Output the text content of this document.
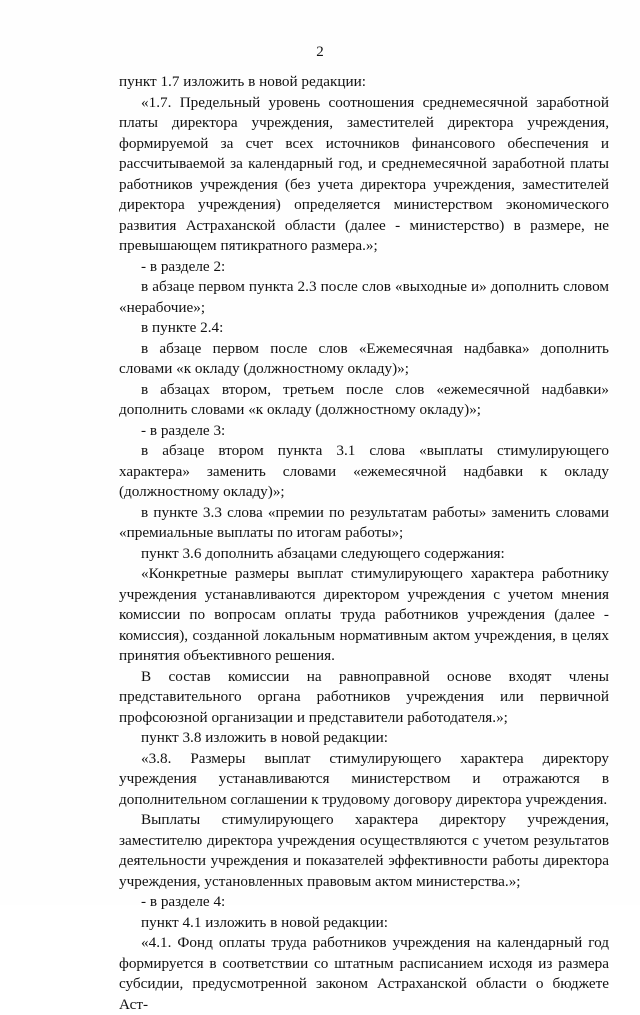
2

пункт 1.7 изложить в новой редакции:

«1.7. Предельный уровень соотношения среднемесячной заработной платы директора учреждения, заместителей директора учреждения, формируемой за счет всех источников финансового обеспечения и рассчитываемой за календарный год, и среднемесячной заработной платы работников учреждения (без учета директора учреждения, заместителей директора учреждения) определяется министерством экономического развития Астраханской области (далее - министерство) в размере, не превышающем пятикратного размера.»;

- в разделе 2:

в абзаце первом пункта 2.3 после слов «выходные и» дополнить словом «нерабочие»;

в пункте 2.4:

в абзаце первом после слов «Ежемесячная надбавка» дополнить словами «к окладу (должностному окладу)»;

в абзацах втором, третьем после слов «ежемесячной надбавки» дополнить словами «к окладу (должностному окладу)»;

- в разделе 3:

в абзаце втором пункта 3.1 слова «выплаты стимулирующего характера» заменить словами «ежемесячной надбавки к окладу (должностному окладу)»;

в пункте 3.3 слова «премии по результатам работы» заменить словами «премиальные выплаты по итогам работы»;

пункт 3.6 дополнить абзацами следующего содержания:

«Конкретные размеры выплат стимулирующего характера работнику учреждения устанавливаются директором учреждения с учетом мнения комиссии по вопросам оплаты труда работников учреждения (далее - комиссия), созданной локальным нормативным актом учреждения, в целях принятия объективного решения.

В состав комиссии на равноправной основе входят члены представительного органа работников учреждения или первичной профсоюзной организации и представители работодателя.»;

пункт 3.8 изложить в новой редакции:

«3.8. Размеры выплат стимулирующего характера директору учреждения устанавливаются министерством и отражаются в дополнительном соглашении к трудовому договору директора учреждения.

Выплаты стимулирующего характера директору учреждения, заместителю директора учреждения осуществляются с учетом результатов деятельности учреждения и показателей эффективности работы директора учреждения, установленных правовым актом министерства.»;

- в разделе 4:

пункт 4.1 изложить в новой редакции:

«4.1. Фонд оплаты труда работников учреждения на календарный год формируется в соответствии со штатным расписанием исходя из размера субсидии, предусмотренной законом Астраханской области о бюджете Аст-
